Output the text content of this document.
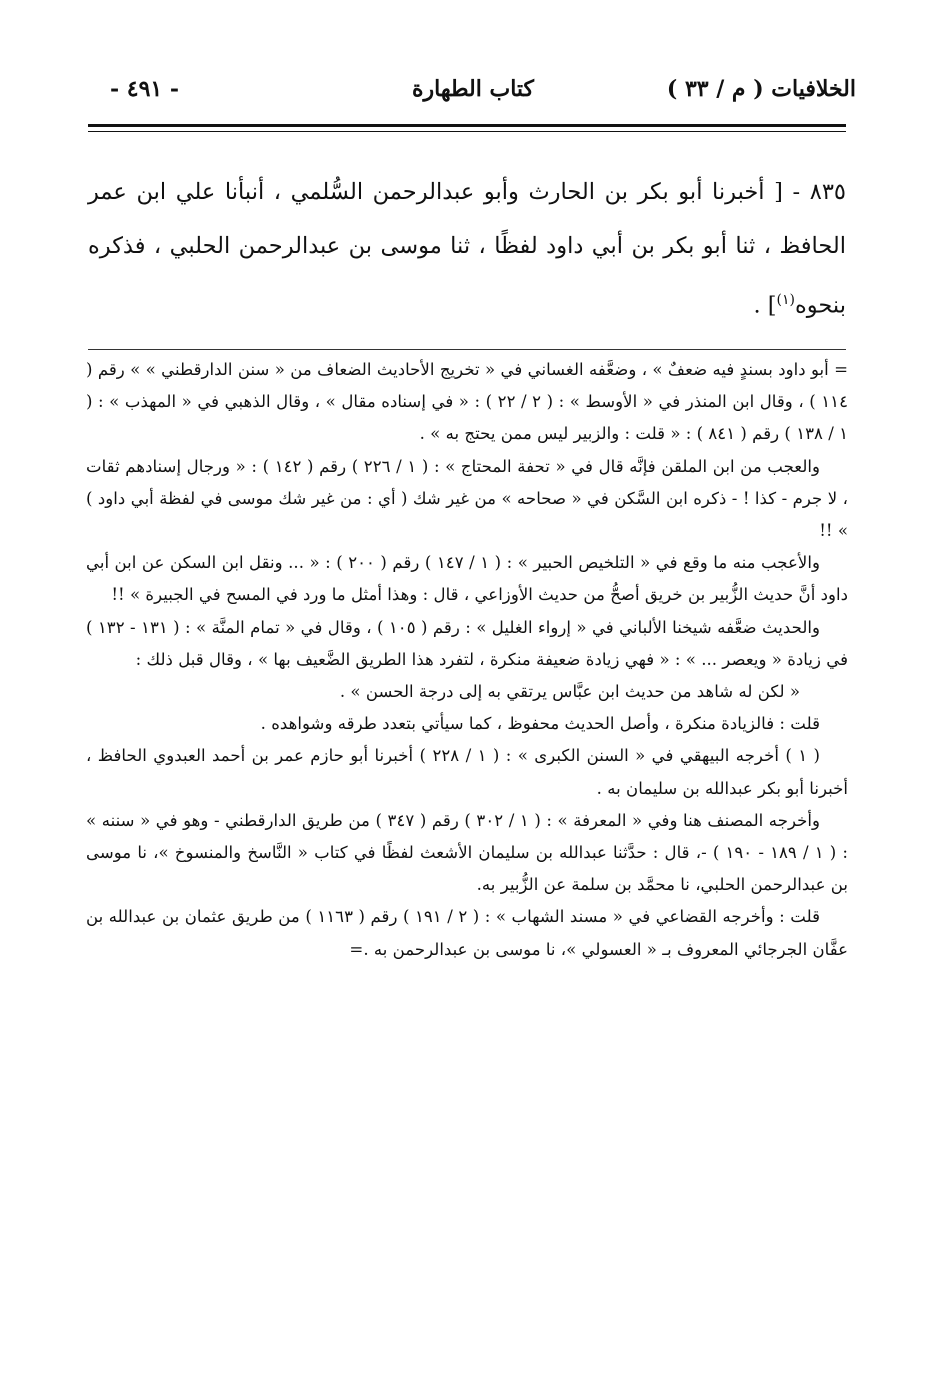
الخلافيات ( م / ٣٣ )
كتاب الطهارة
- ٤٩١ -

٨٣٥ - [ أخبرنا أبو بكر بن الحارث وأبو عبدالرحمن السُّلمي ، أنبأنا علي ابن عمر الحافظ ، ثنا أبو بكر بن أبي داود لفظًا ، ثنا موسى بن عبدالرحمن الحلبي ، فذكره بنحوه$^{(١)}$] .

= أبو داود بسندٍ فيه ضعفٌ » ، وضعَّفه الغساني في « تخريج الأحاديث الضعاف من « سنن الدارقطني » » رقم ( ١١٤ ) ، وقال ابن المنذر في « الأوسط » : ( ٢ / ٢٢ ) : « في إسناده مقال » ، وقال الذهبي في « المهذب » : ( ١ / ١٣٨ ) رقم ( ٨٤١ ) : « قلت : والزبير ليس ممن يحتج به » .

والعجب من ابن الملقن فإنَّه قال في « تحفة المحتاج » : ( ١ / ٢٢٦ ) رقم ( ١٤٢ ) : « ورجال إسنادهم ثقات ، لا جرم - كذا ! - ذكره ابن السَّكن في « صحاحه » من غير شك ( أي : من غير شك موسى في لفظة أبي داود ) » !!

والأعجب منه ما وقع في « التلخيص الحبير » : ( ١ / ١٤٧ ) رقم ( ٢٠٠ ) : « ... ونقل ابن السكن عن ابن أبي داود أنَّ حديث الزُّبير بن خريق أصحُّ من حديث الأوزاعي ، قال : وهذا أمثل ما ورد في المسح في الجبيرة » !!

والحديث ضعَّفه شيخنا الألباني في « إرواء الغليل » : رقم ( ١٠٥ ) ، وقال في « تمام المنَّة » : ( ١٣١ - ١٣٢ ) في زيادة « ويعصر ... » : « فهي زيادة ضعيفة منكرة ، لتفرد هذا الطريق الضَّعيف بها » ، وقال قبل ذلك :

« لكن له شاهد من حديث ابن عبَّاس يرتقي به إلى درجة الحسن » .

قلت : فالزيادة منكرة ، وأصل الحديث محفوظ ، كما سيأتي بتعدد طرقه وشواهده .

( ١ ) أخرجه البيهقي في « السنن الكبرى » : ( ١ / ٢٢٨ ) أخبرنا أبو حازم عمر بن أحمد العبدوي الحافظ ، أخبرنا أبو بكر عبدالله بن سليمان به .

وأخرجه المصنف هنا وفي « المعرفة » : ( ١ / ٣٠٢ ) رقم ( ٣٤٧ ) من طريق الدارقطني - وهو في « سننه » : ( ١ / ١٨٩ - ١٩٠ ) -، قال : حدَّثنا عبدالله بن سليمان الأشعث لفظًا في كتاب « النَّاسخ والمنسوخ »، نا موسى بن عبدالرحمن الحلبي، نا محمَّد بن سلمة عن الزُّبير به.

قلت : وأخرجه القضاعي في « مسند الشهاب » : ( ٢ / ١٩١ ) رقم ( ١١٦٣ ) من طريق عثمان بن عبدالله بن عفَّان الجرجائي المعروف بـ « العسولي »، نا موسى بن عبدالرحمن به .=
